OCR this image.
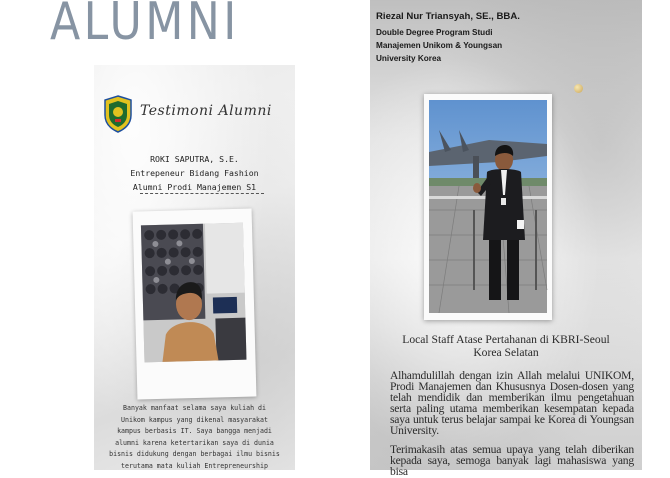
ALUMNI
Testimoni Alumni
ROKI SAPUTRA, S.E.
Entrepeneur Bidang Fashion
Alumni Prodi Manajemen S1
Banyak manfaat selama saya kuliah di
Unikom kampus yang dikenal masyarakat
kampus berbasis IT. Saya bangga menjadi
alumni karena ketertarikan saya di dunia
bisnis didukung dengan berbagai ilmu bisnis
terutama mata kuliah Entrepreneurship
Riezal Nur Triansyah, SE., BBA.
Double Degree Program Studi
Manajemen Unikom & Youngsan
University Korea
Local Staff Atase Pertahanan di KBRI-Seoul
Korea Selatan
Alhamdulillah dengan izin Allah melalui UNIKOM, Prodi Manajemen dan Khususnya Dosen-dosen yang telah mendidik dan memberikan ilmu pengetahuan serta paling utama memberikan kesempatan kepada saya untuk terus belajar sampai ke Korea di Youngsan University.
Terimakasih atas semua upaya yang telah diberikan kepada saya, semoga banyak lagi mahasiswa yang bisa
